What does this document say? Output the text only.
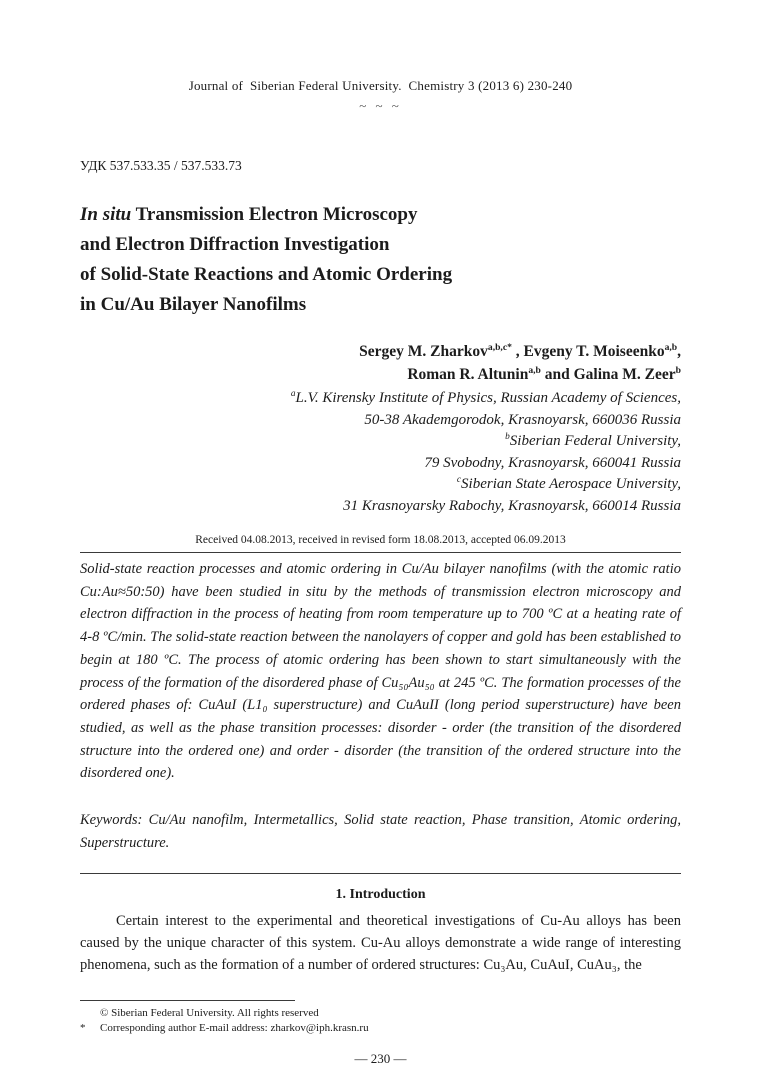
Journal of  Siberian Federal University.  Chemistry 3 (2013 6) 230-240
~ ~ ~
УДК 537.533.35 / 537.533.73
In situ Transmission Electron Microscopy
and Electron Diffraction Investigation
of Solid-State Reactions and Atomic Ordering
in Cu/Au Bilayer Nanofilms
Sergey M. Zharkov$^{a,b,c*}$ , Evgeny T. Moiseenko$^{a,b}$,
Roman R. Altunin$^{a,b}$ and Galina M. Zeer$^b$
$^a$L.V. Kirensky Institute of Physics, Russian Academy of Sciences,
50-38 Akademgorodok, Krasnoyarsk, 660036 Russia
$^b$Siberian Federal University,
79 Svobodny, Krasnoyarsk, 660041 Russia
$^c$Siberian State Aerospace University,
31 Krasnoyarsky Rabochy, Krasnoyarsk, 660014 Russia
Received 04.08.2013, received in revised form 18.08.2013, accepted 06.09.2013
Solid-state reaction processes and atomic ordering in Cu/Au bilayer nanofilms (with the atomic ratio Cu:Au≈50:50) have been studied in situ by the methods of transmission electron microscopy and electron diffraction in the process of heating from room temperature up to 700 ºC at a heating rate of 4-8 ºC/min. The solid-state reaction between the nanolayers of copper and gold has been established to begin at 180 ºC. The process of atomic ordering has been shown to start simultaneously with the process of the formation of the disordered phase of Cu₅₀Au₅₀ at 245 ºC. The formation processes of the ordered phases of: CuAuI (L1₀ superstructure) and CuAuII (long period superstructure) have been studied, as well as the phase transition processes: disorder - order (the transition of the disordered structure into the ordered one) and order - disorder (the transition of the ordered structure into the disordered one).
Keywords: Cu/Au nanofilm, Intermetallics, Solid state reaction, Phase transition, Atomic ordering, Superstructure.
1. Introduction
Certain interest to the experimental and theoretical investigations of Cu-Au alloys has been caused by the unique character of this system. Cu-Au alloys demonstrate a wide range of interesting phenomena, such as the formation of a number of ordered structures: Cu₃Au, CuAuI, CuAu₃, the
© Siberian Federal University. All rights reserved
*	Corresponding author E-mail address: zharkov@iph.krasn.ru
— 230 —
